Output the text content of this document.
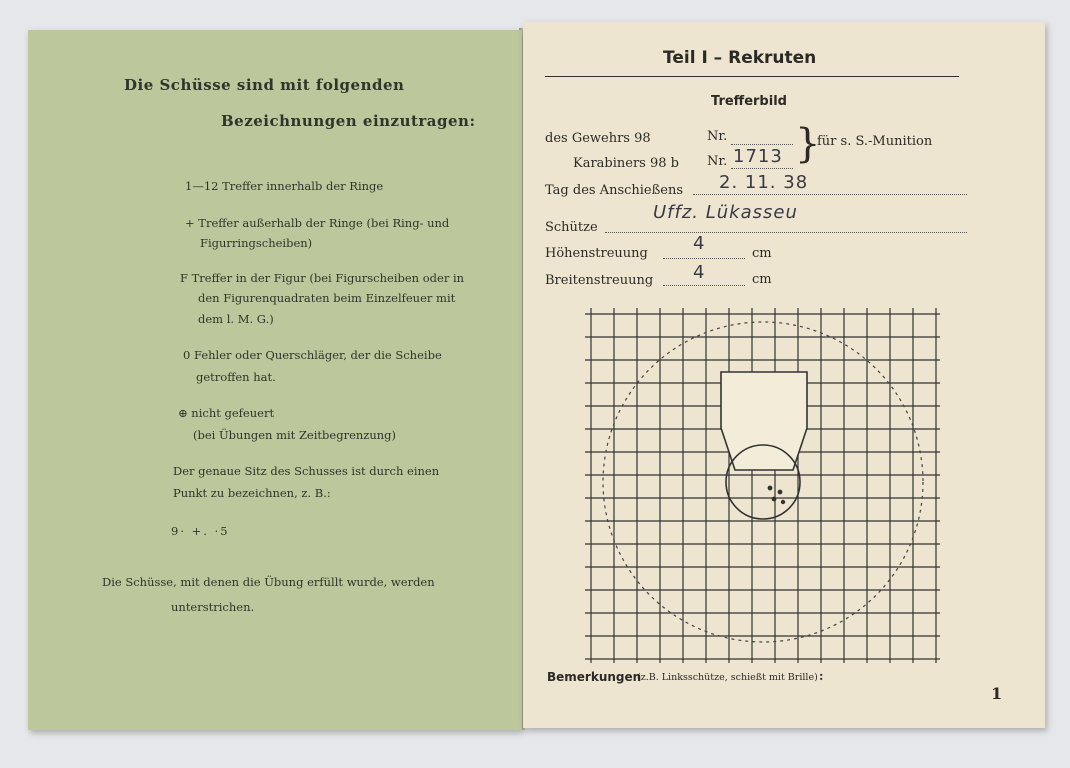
Die Schüsse sind mit folgenden
Bezeichnungen einzutragen:
1—12 Treffer innerhalb der Ringe
+ Treffer außerhalb der Ringe (bei Ring- und
Figurringscheiben)
F Treffer in der Figur (bei Figurscheiben oder in
den Figurenquadraten beim Einzelfeuer mit
dem l. M. G.)
0 Fehler oder Querschläger, der die Scheibe
getroffen hat.
⊕ nicht gefeuert
(bei Übungen mit Zeitbegrenzung)
Der genaue Sitz des Schusses ist durch einen
Punkt zu bezeichnen, z. B.:
9· +. ·5
Die Schüsse, mit denen die Übung erfüllt wurde, werden
unterstrichen.
Teil I – Rekruten
Trefferbild
des Gewehrs 98	Nr.
Karabiners 98 b Nr. 1713 }
für s. S.-Munition
Tag des Anschießens 2. 11. 38
Schütze
Uffz. Lükasseu
Höhenstreuung	4	cm
Breitenstreuung 4	cm
Bemerkungen
(z.B. Linksschütze, schießt mit Brille) :
1
